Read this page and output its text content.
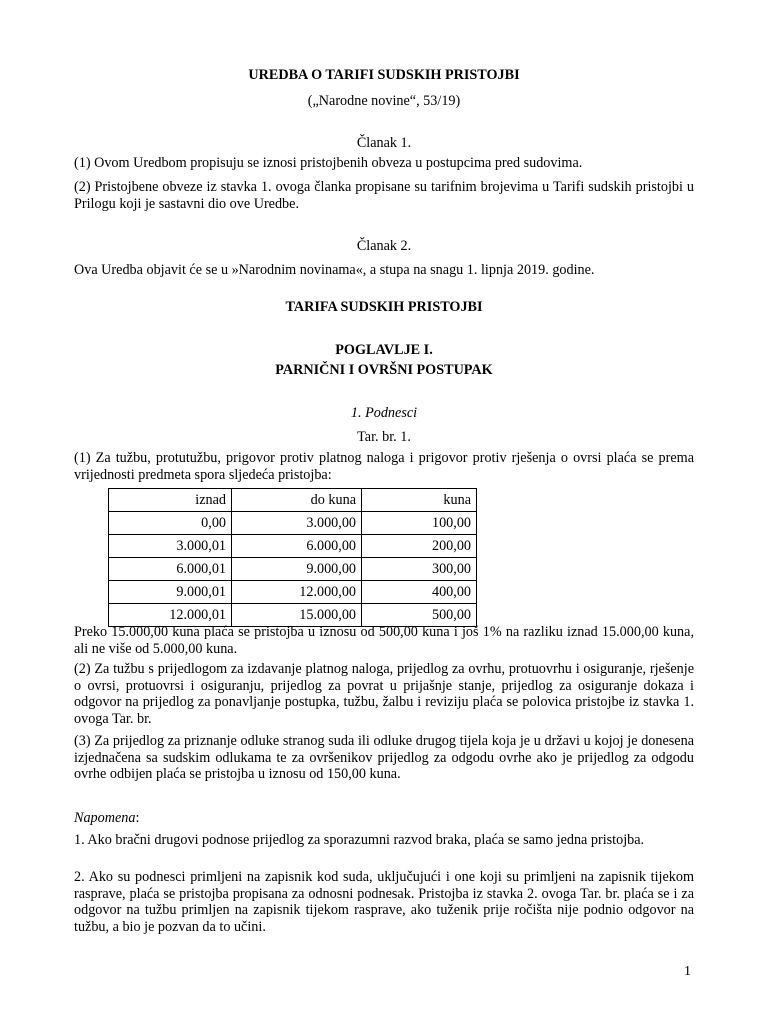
UREDBA O TARIFI SUDSKIH PRISTOJBI

(„Narodne novine“, 53/19)

Članak 1.

(1) Ovom Uredbom propisuju se iznosi pristojbenih obveza u postupcima pred sudovima.

(2) Pristojbene obveze iz stavka 1. ovoga članka propisane su tarifnim brojevima u Tarifi sudskih pristojbi u Prilogu koji je sastavni dio ove Uredbe.

Članak 2.

Ova Uredba objavit će se u »Narodnim novinama«, a stupa na snagu 1. lipnja 2019. godine.

TARIFA SUDSKIH PRISTOJBI

POGLAVLJE I.

PARNIČNI I OVRŠNI POSTUPAK

1. Podnesci

Tar. br. 1.

(1) Za tužbu, protutužbu, prigovor protiv platnog naloga i prigovor protiv rješenja o ovrsi plaća se prema vrijednosti predmeta spora sljedeća pristojba:

iznad	do kuna	kuna
0,00	3.000,00	100,00
3.000,01	6.000,00	200,00
6.000,01	9.000,00	300,00
9.000,01	12.000,00	400,00
12.000,01	15.000,00	500,00

Preko 15.000,00 kuna plaća se pristojba u iznosu od 500,00 kuna i još 1% na razliku iznad 15.000,00 kuna, ali ne više od 5.000,00 kuna.

(2) Za tužbu s prijedlogom za izdavanje platnog naloga, prijedlog za ovrhu, protuovrhu i osiguranje, rješenje o ovrsi, protuovrsi i osiguranju, prijedlog za povrat u prijašnje stanje, prijedlog za osiguranje dokaza i odgovor na prijedlog za ponavljanje postupka, tužbu, žalbu i reviziju plaća se polovica pristojbe iz stavka 1. ovoga Tar. br.

(3) Za prijedlog za priznanje odluke stranog suda ili odluke drugog tijela koja je u državi u kojoj je donesena izjednačena sa sudskim odlukama te za ovršenikov prijedlog za odgodu ovrhe ako je prijedlog za odgodu ovrhe odbijen plaća se pristojba u iznosu od 150,00 kuna.

Napomena:

1. Ako bračni drugovi podnose prijedlog za sporazumni razvod braka, plaća se samo jedna pristojba.

2. Ako su podnesci primljeni na zapisnik kod suda, uključujući i one koji su primljeni na zapisnik tijekom rasprave, plaća se pristojba propisana za odnosni podnesak. Pristojba iz stavka 2. ovoga Tar. br. plaća se i za odgovor na tužbu primljen na zapisnik tijekom rasprave, ako tuženik prije ročišta nije podnio odgovor na tužbu, a bio je pozvan da to učini.

1
